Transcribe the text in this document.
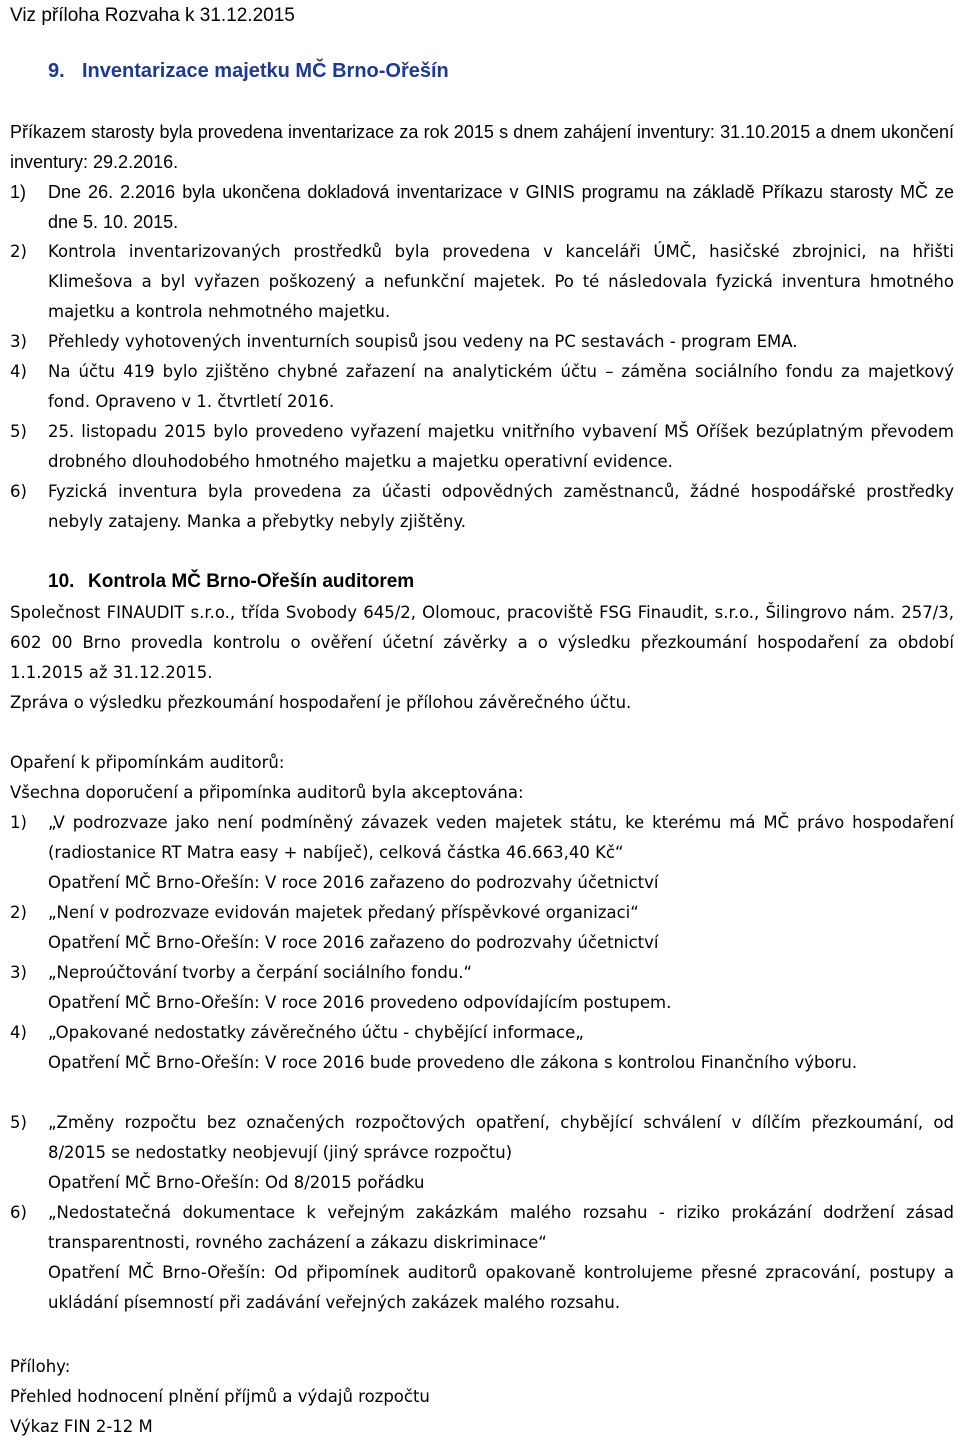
Viz příloha Rozvaha k 31.12.2015
9. Inventarizace majetku MČ Brno-Ořešín
Příkazem starosty byla provedena inventarizace za rok 2015 s dnem zahájení inventury: 31.10.2015 a dnem ukončení inventury: 29.2.2016.
1) Dne 26. 2.2016 byla ukončena dokladová inventarizace v GINIS programu na základě Příkazu starosty MČ ze dne 5. 10. 2015.
2) Kontrola inventarizovaných prostředků byla provedena v kanceláři ÚMČ, hasičské zbrojnici, na hřišti Klimešova a byl vyřazen poškozený a nefunkční majetek. Po té následovala fyzická inventura hmotného majetku a kontrola nehmotného majetku.
3) Přehledy vyhotovených inventurních soupisů jsou vedeny na PC sestavách - program EMA.
4) Na účtu 419 bylo zjištěno chybné zařazení na analytickém účtu – záměna sociálního fondu za majetkový fond. Opraveno v 1. čtvrtletí 2016.
5) 25. listopadu 2015 bylo provedeno vyřazení majetku vnitřního vybavení MŠ Oříšek bezúplatným převodem drobného dlouhodobého hmotného majetku a majetku operativní evidence.
6) Fyzická inventura byla provedena za účasti odpovědných zaměstnanců, žádné hospodářské prostředky nebyly zatajeny. Manka a přebytky nebyly zjištěny.
10. Kontrola MČ Brno-Ořešín auditorem
Společnost FINAUDIT s.r.o., třída Svobody 645/2, Olomouc, pracoviště FSG Finaudit, s.r.o., Šilingrovo nám. 257/3, 602 00 Brno provedla kontrolu o ověření účetní závěrky a o výsledku přezkoumání hospodaření za období 1.1.2015 až 31.12.2015.
Zpráva o výsledku přezkoumání hospodaření je přílohou závěrečného účtu.
Opaření k připomínkám auditorů:
Všechna doporučení a připomínka auditorů byla akceptována:
1) „V podrozvaze jako není podmíněný závazek veden majetek státu, ke kterému má MČ právo hospodaření (radiostanice RT Matra easy + nabíječ), celková částka 46.663,40 Kč“
Opatření MČ Brno-Ořešín: V roce 2016 zařazeno do podrozvahy účetnictví
2) „Není v podrozvaze evidován majetek předaný příspěvkové organizaci“
Opatření MČ Brno-Ořešín: V roce 2016 zařazeno do podrozvahy účetnictví
3) „Neproúčtování tvorby a čerpání sociálního fondu.“
Opatření MČ Brno-Ořešín: V roce 2016 provedeno odpovídajícím postupem.
4) „Opakované nedostatky závěrečného účtu - chybějící informace„
Opatření MČ Brno-Ořešín: V roce 2016 bude provedeno dle zákona s kontrolou Finančního výboru.
5) „Změny rozpočtu bez označených rozpočtových opatření, chybějící schválení v dílčím přezkoumání, od 8/2015 se nedostatky neobjevují (jiný správce rozpočtu)
Opatření MČ Brno-Ořešín: Od 8/2015 pořádku
6) „Nedostatečná dokumentace k veřejným zakázkám malého rozsahu - riziko prokázání dodržení zásad transparentnosti, rovného zacházení a zákazu diskriminace“
Opatření MČ Brno-Ořešín: Od připomínek auditorů opakovaně kontrolujeme přesné zpracování, postupy a ukládání písemností při zadávání veřejných zakázek malého rozsahu.
Přílohy:
Přehled hodnocení plnění příjmů a výdajů rozpočtu
Výkaz FIN 2-12 M
